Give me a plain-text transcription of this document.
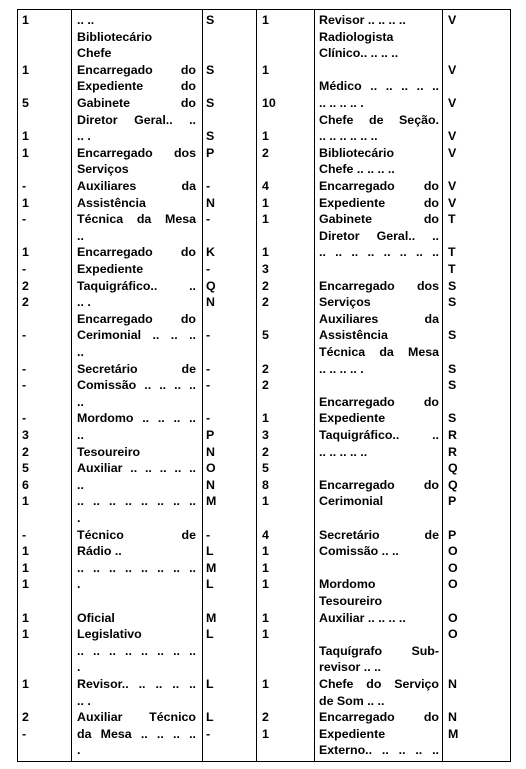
1
1
5
1
1
-
1
-
1
-
2
2
-
-
-
-
3
2
5
6
1
-
1
1
1
1
1
1
2
-
.. ..
Bibliotecário
Chefe
Encarregado do
Expediente do
Gabinete do
Diretor Geral.. ..
.. .
Encarregado dos
Serviços
Auxiliares da
Assistência
Técnica da Mesa
..
Encarregado do
Expediente
Taquigráfico.. ..
.. .
Encarregado do
Cerimonial .. .. ..
..
Secretário de
Comissão .. .. .. ..
..
Mordomo .. .. .. ..
..
Tesoureiro
Auxiliar .. .. .. .. ..
..
.. .. .. .. .. .. .. ..
.
Técnico de
Rádio ..
.. .. .. .. .. .. .. ..
.
Oficial
Legislativo
.. .. .. .. .. .. .. ..
.
Revisor.. .. .. .. ..
.. .
Auxiliar Técnico
da Mesa .. .. .. ..
.
S
S
S
S
P
-
N
-
K
-
Q
N
-
-
-
-
P
N
O
N
M
-
L
M
L
M
L
L
L
-
1
1
10
1
2
4
1
1
1
3
2
2
5
2
2
1
3
2
5
8
1
4
1
1
1
1
1
1
2
1
Revisor .. .. .. ..
Radiologista
Clínico.. .. .. ..
Médico .. .. .. .. ..
.. .. .. .. .
Chefe de Seção.
.. .. .. .. .. ..
Bibliotecário
Chefe .. .. .. ..
Encarregado do
Expediente do
Gabinete do
Diretor Geral.. ..
.. .. .. .. .. .. .. ..
Encarregado dos
Serviços
Auxiliares da
Assistência
Técnica da Mesa
.. .. .. .. .
Encarregado do
Expediente
Taquigráfico.. ..
.. .. .. .. ..
Encarregado do
Cerimonial
Secretário de
Comissão .. ..
Mordomo
Tesoureiro
Auxiliar .. .. .. ..
Taquígrafo Sub-
revisor .. ..
Chefe do Serviço
de Som .. ..
Encarregado do
Expediente
Externo.. .. .. .. ..
V
V
V
V
V
V
V
T
T
T
S
S
S
S
S
S
R
R
Q
Q
P
P
O
O
O
O
O
N
N
M
